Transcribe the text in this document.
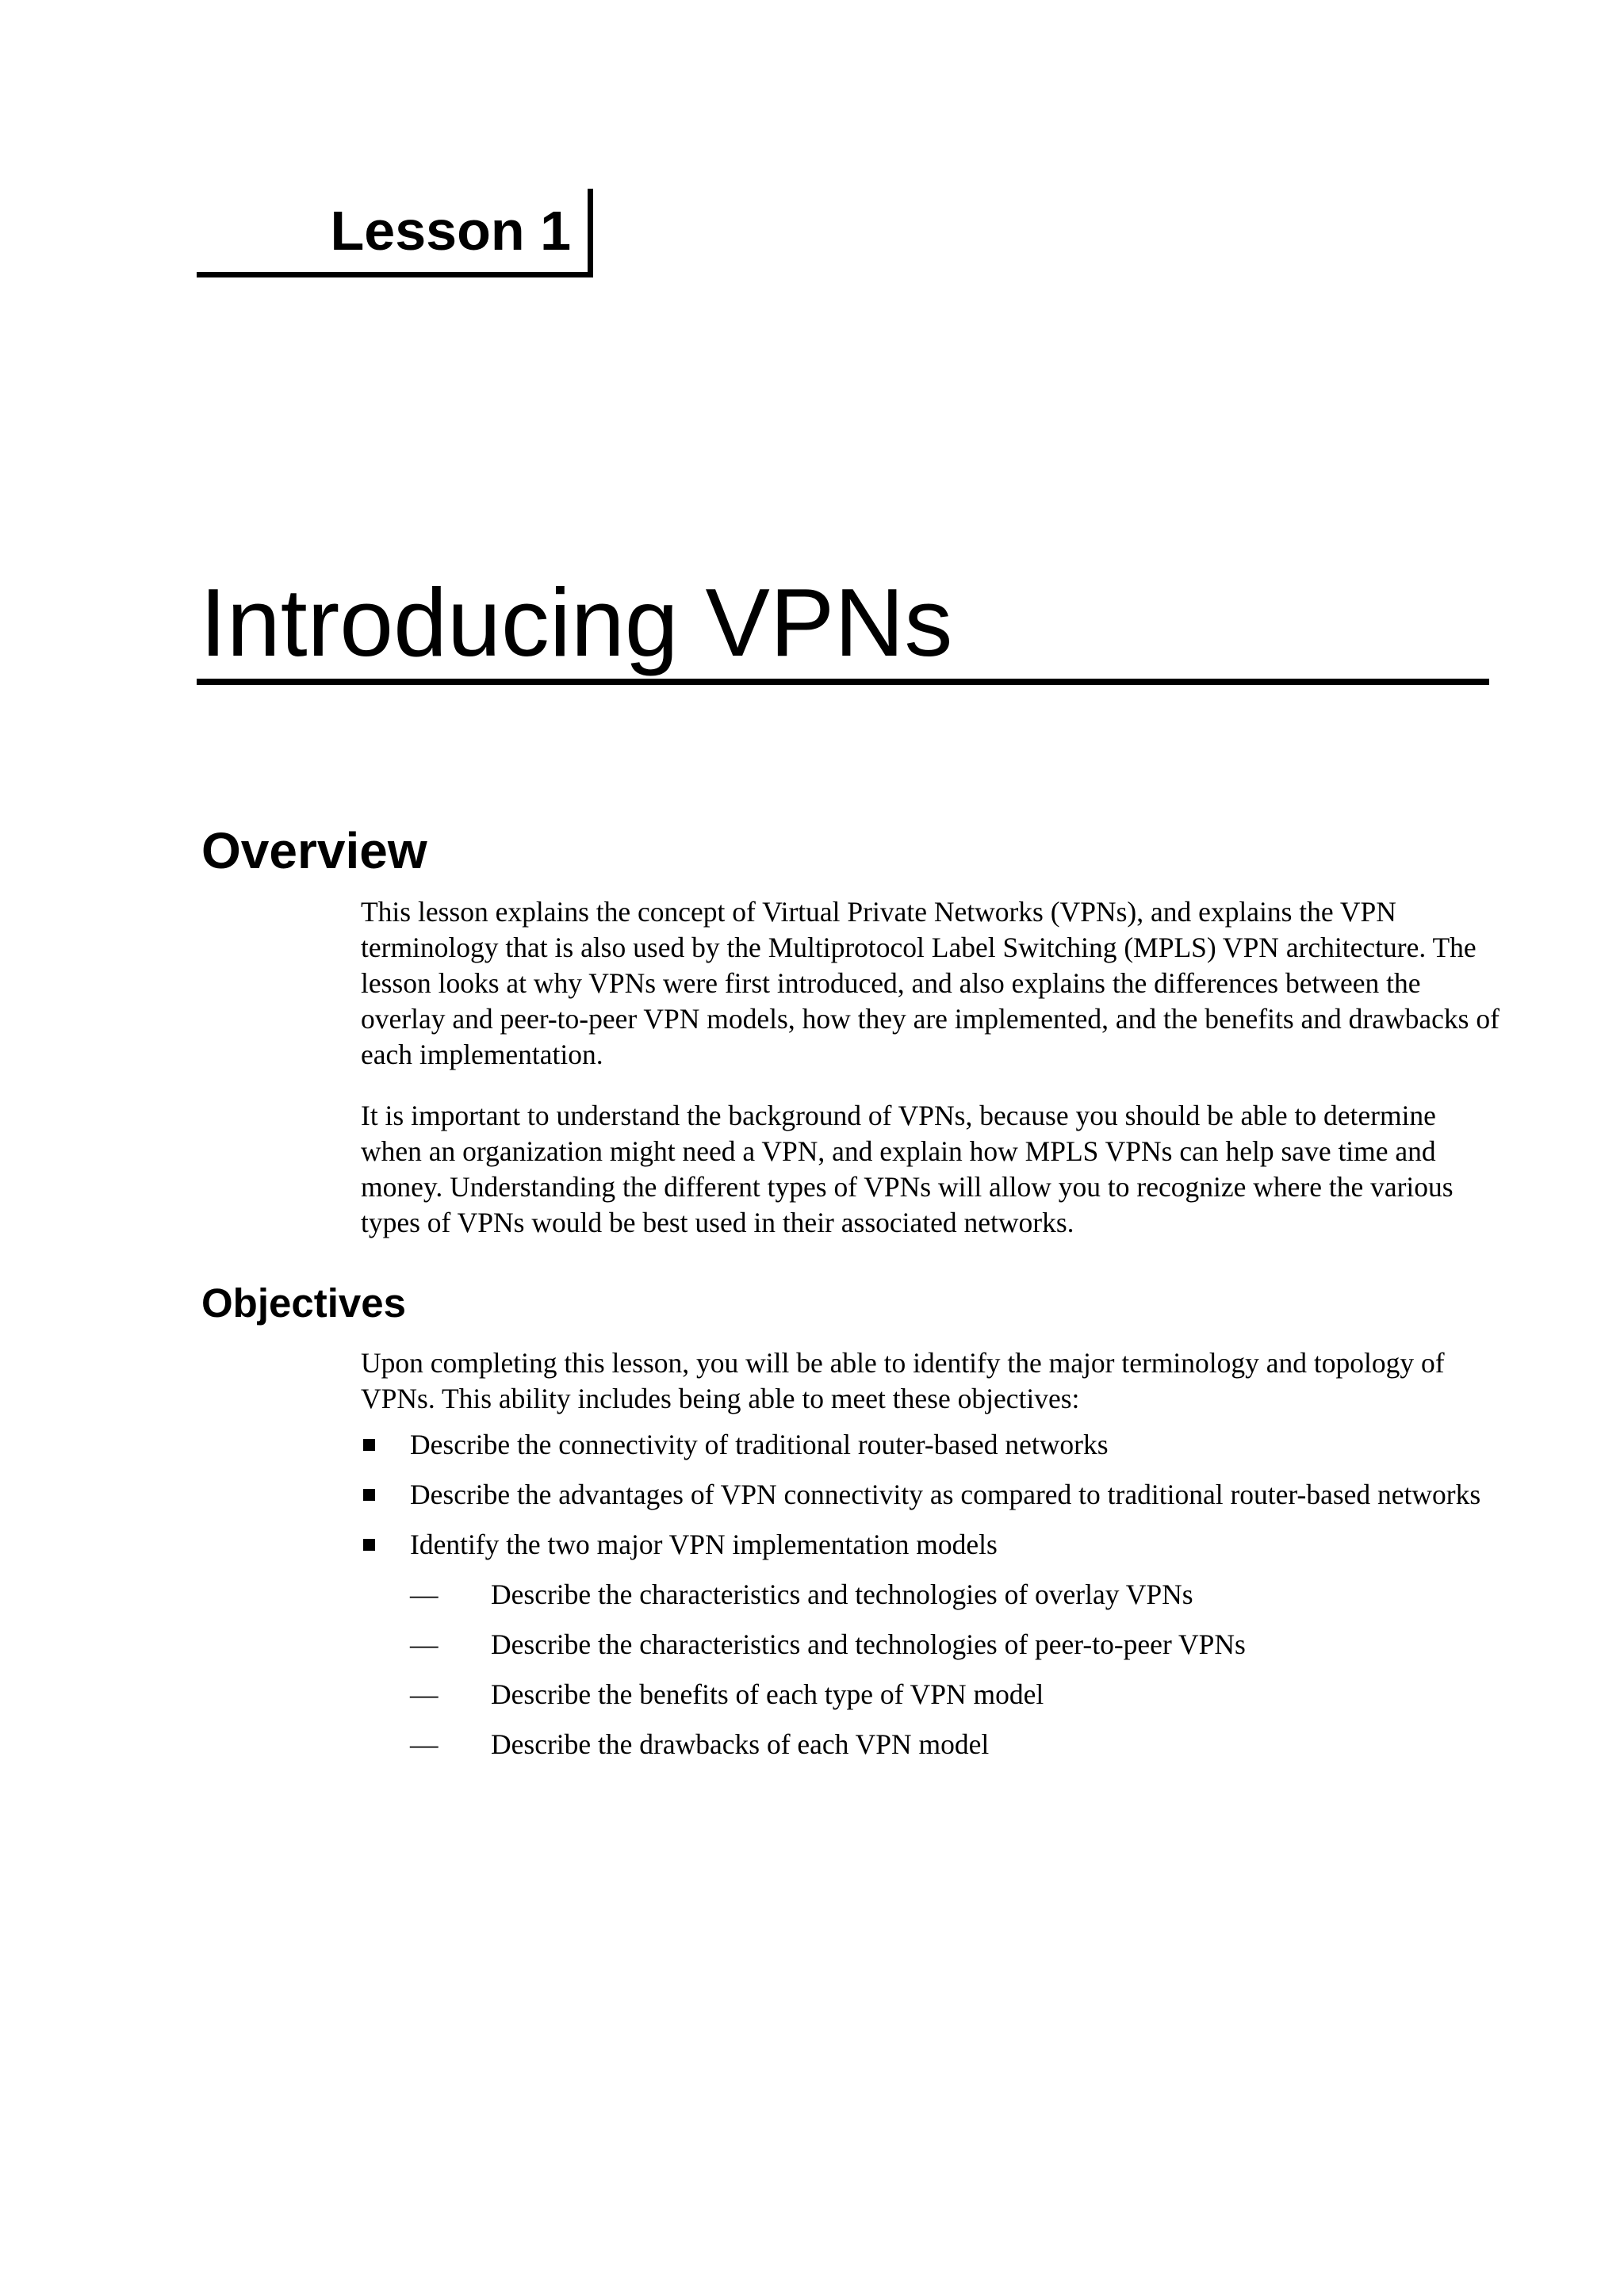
Lesson 1
Introducing VPNs
Overview

This lesson explains the concept of Virtual Private Networks (VPNs), and explains the VPN terminology that is also used by the Multiprotocol Label Switching (MPLS) VPN architecture. The lesson looks at why VPNs were first introduced, and also explains the differences between the overlay and peer-to-peer VPN models, how they are implemented, and the benefits and drawbacks of each implementation.

It is important to understand the background of VPNs, because you should be able to determine when an organization might need a VPN, and explain how MPLS VPNs can help save time and money. Understanding the different types of VPNs will allow you to recognize where the various types of VPNs would be best used in their associated networks.

Objectives

Upon completing this lesson, you will be able to identify the major terminology and topology of VPNs. This ability includes being able to meet these objectives:

Describe the connectivity of traditional router-based networks
Describe the advantages of VPN connectivity as compared to traditional router-based networks
Identify the two major VPN implementation models
—	Describe the characteristics and technologies of overlay VPNs
—	Describe the characteristics and technologies of peer-to-peer VPNs
—	Describe the benefits of each type of VPN model
—	Describe the drawbacks of each VPN model
